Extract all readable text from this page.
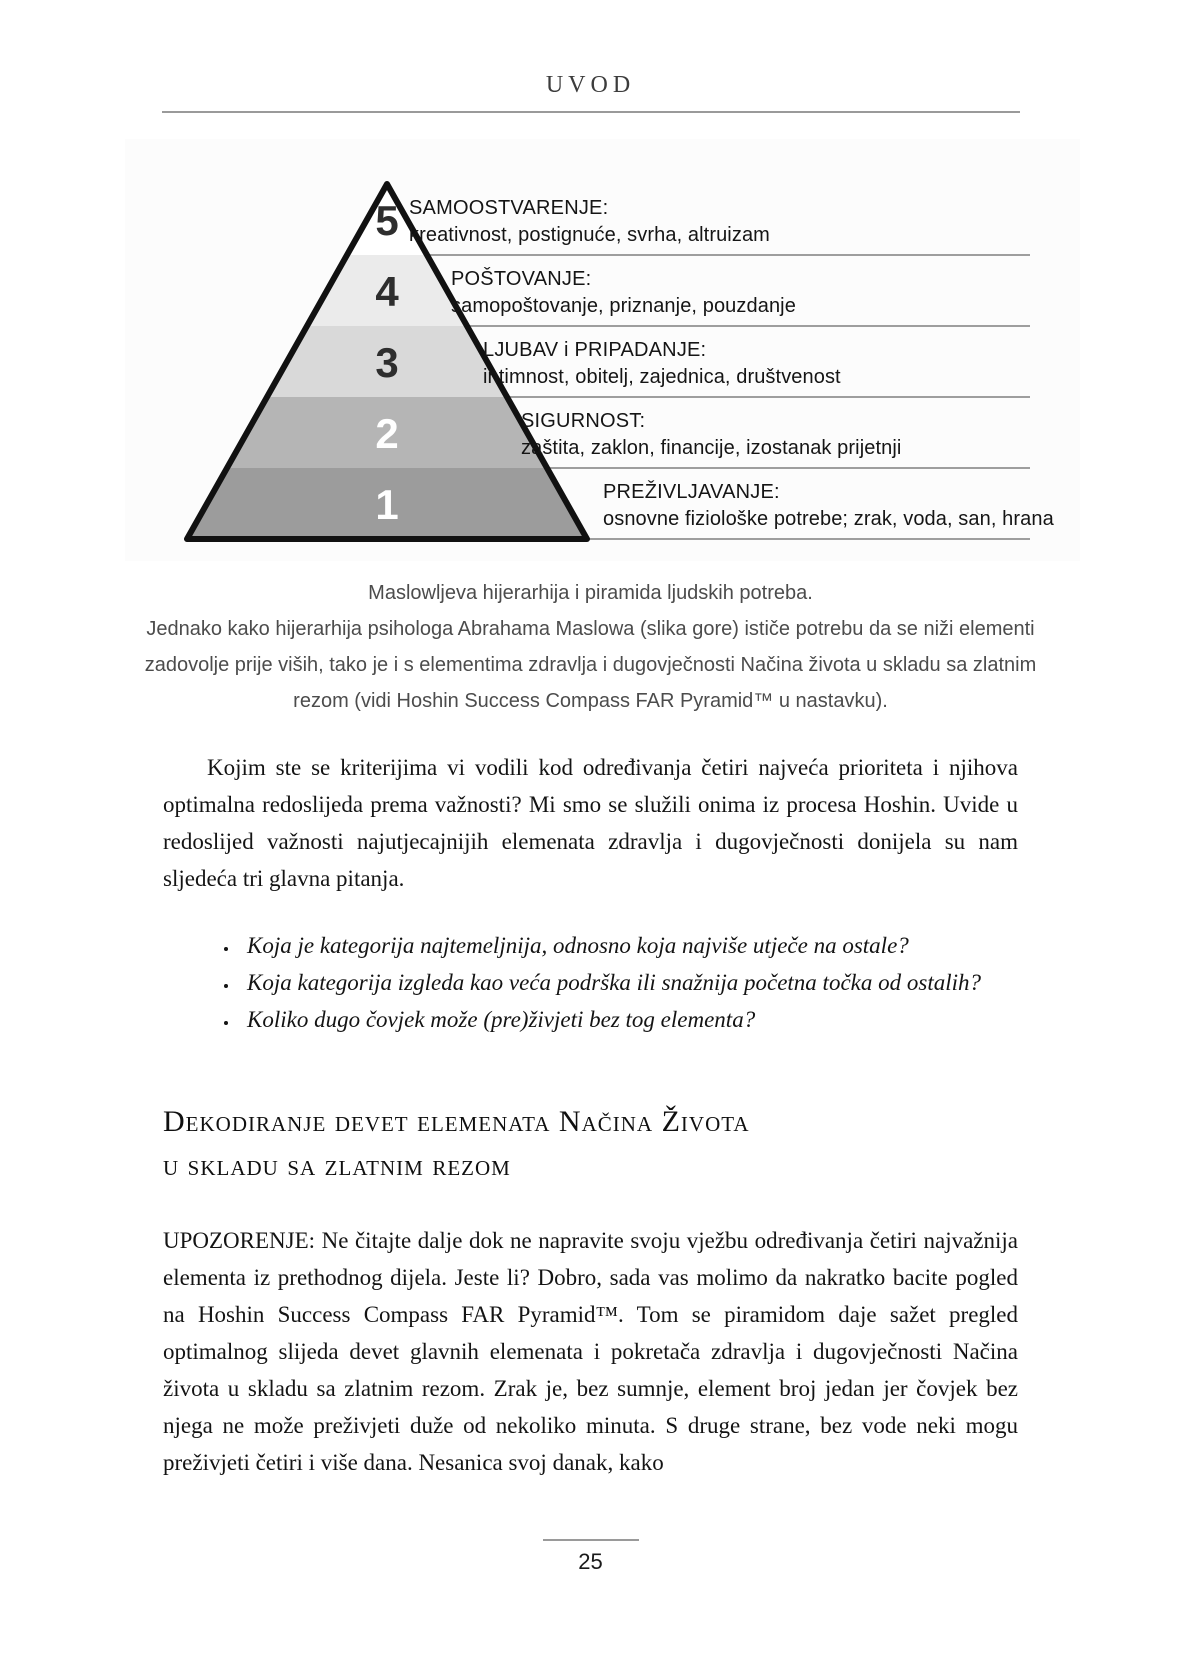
UVOD
5
4
3
2
1
SAMOOSTVARENJE:
kreativnost, postignuće, svrha, altruizam
POŠTOVANJE:
samopoštovanje, priznanje, pouzdanje
LJUBAV i PRIPADANJE:
intimnost, obitelj, zajednica, društvenost
SIGURNOST:
zaštita, zaklon, financije, izostanak prijetnji
PREŽIVLJAVANJE:
osnovne fiziološke potrebe; zrak, voda, san, hrana

Maslowljeva hijerarhija i piramida ljudskih potreba.

Jednako kako hijerarhija psihologa Abrahama Maslowa (slika gore) ističe potrebu da se niži elementi zadovolje prije viših, tako je i s elementima zdravlja i dugovječnosti Načina života u skladu sa zlatnim rezom (vidi Hoshin Success Compass FAR Pyramid™ u nastavku).

Kojim ste se kriterijima vi vodili kod određivanja četiri najveća prioriteta i njihova optimalna redoslijeda prema važnosti? Mi smo se služili onima iz procesa Hoshin. Uvide u redoslijed važnosti najutjecajnijih elemenata zdravlja i dugovječnosti donijela su nam sljedeća tri glavna pitanja.

• Koja je kategorija najtemeljnija, odnosno koja najviše utječe na ostale?
• Koja kategorija izgleda kao veća podrška ili snažnija početna točka od ostalih?
• Koliko dugo čovjek može (pre)živjeti bez tog elementa?
Dekodiranje devet elemenata Načina Života
u skladu sa zlatnim rezom

UPOZORENJE: Ne čitajte dalje dok ne napravite svoju vježbu određivanja četiri najvažnija elementa iz prethodnog dijela. Jeste li? Dobro, sada vas molimo da nakratko bacite pogled na Hoshin Success Compass FAR Pyramid™. Tom se piramidom daje sažet pregled optimalnog slijeda devet glavnih elemenata i pokretača zdravlja i dugovječnosti Načina života u skladu sa zlatnim rezom. Zrak je, bez sumnje, element broj jedan jer čovjek bez njega ne može preživjeti duže od nekoliko minuta. S druge strane, bez vode neki mogu preživjeti četiri i više dana. Nesanica svoj danak, kako

25
